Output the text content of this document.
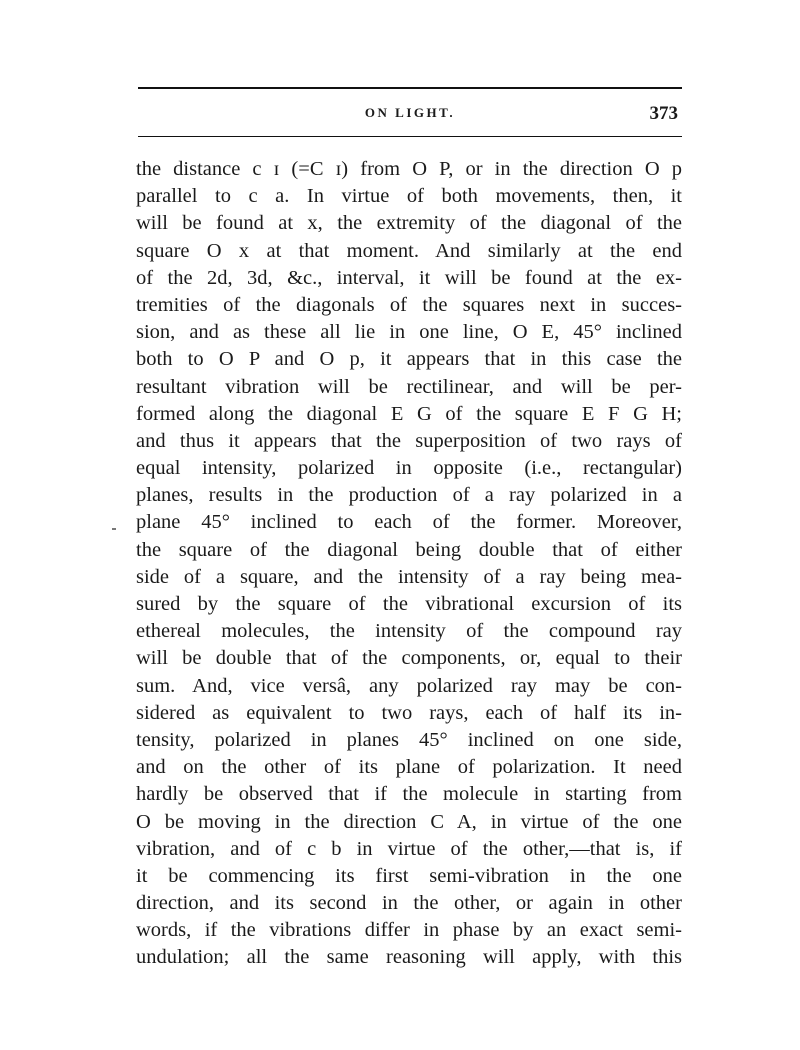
ON LIGHT.	373
the distance c ɪ (=C ɪ) from O P, or in the direction O p
parallel to c a. In virtue of both movements, then, it
will be found at x, the extremity of the diagonal of the
square O x at that moment. And similarly at the end
of the 2d, 3d, &c., interval, it will be found at the ex-
tremities of the diagonals of the squares next in succes-
sion, and as these all lie in one line, O E, 45° inclined
both to O P and O p, it appears that in this case the
resultant vibration will be rectilinear, and will be per-
formed along the diagonal E G of the square E F G H;
and thus it appears that the superposition of two rays of
equal intensity, polarized in opposite (i.e., rectangular)
planes, results in the production of a ray polarized in a
plane 45° inclined to each of the former. Moreover,
the square of the diagonal being double that of either
side of a square, and the intensity of a ray being mea-
sured by the square of the vibrational excursion of its
ethereal molecules, the intensity of the compound ray
will be double that of the components, or, equal to their
sum. And, vice versâ, any polarized ray may be con-
sidered as equivalent to two rays, each of half its in-
tensity, polarized in planes 45° inclined on one side,
and on the other of its plane of polarization. It need
hardly be observed that if the molecule in starting from
O be moving in the direction C A, in virtue of the one
vibration, and of c b in virtue of the other,—that is, if
it be commencing its first semi-vibration in the one
direction, and its second in the other, or again in other
words, if the vibrations differ in phase by an exact semi-
undulation; all the same reasoning will apply, with this
